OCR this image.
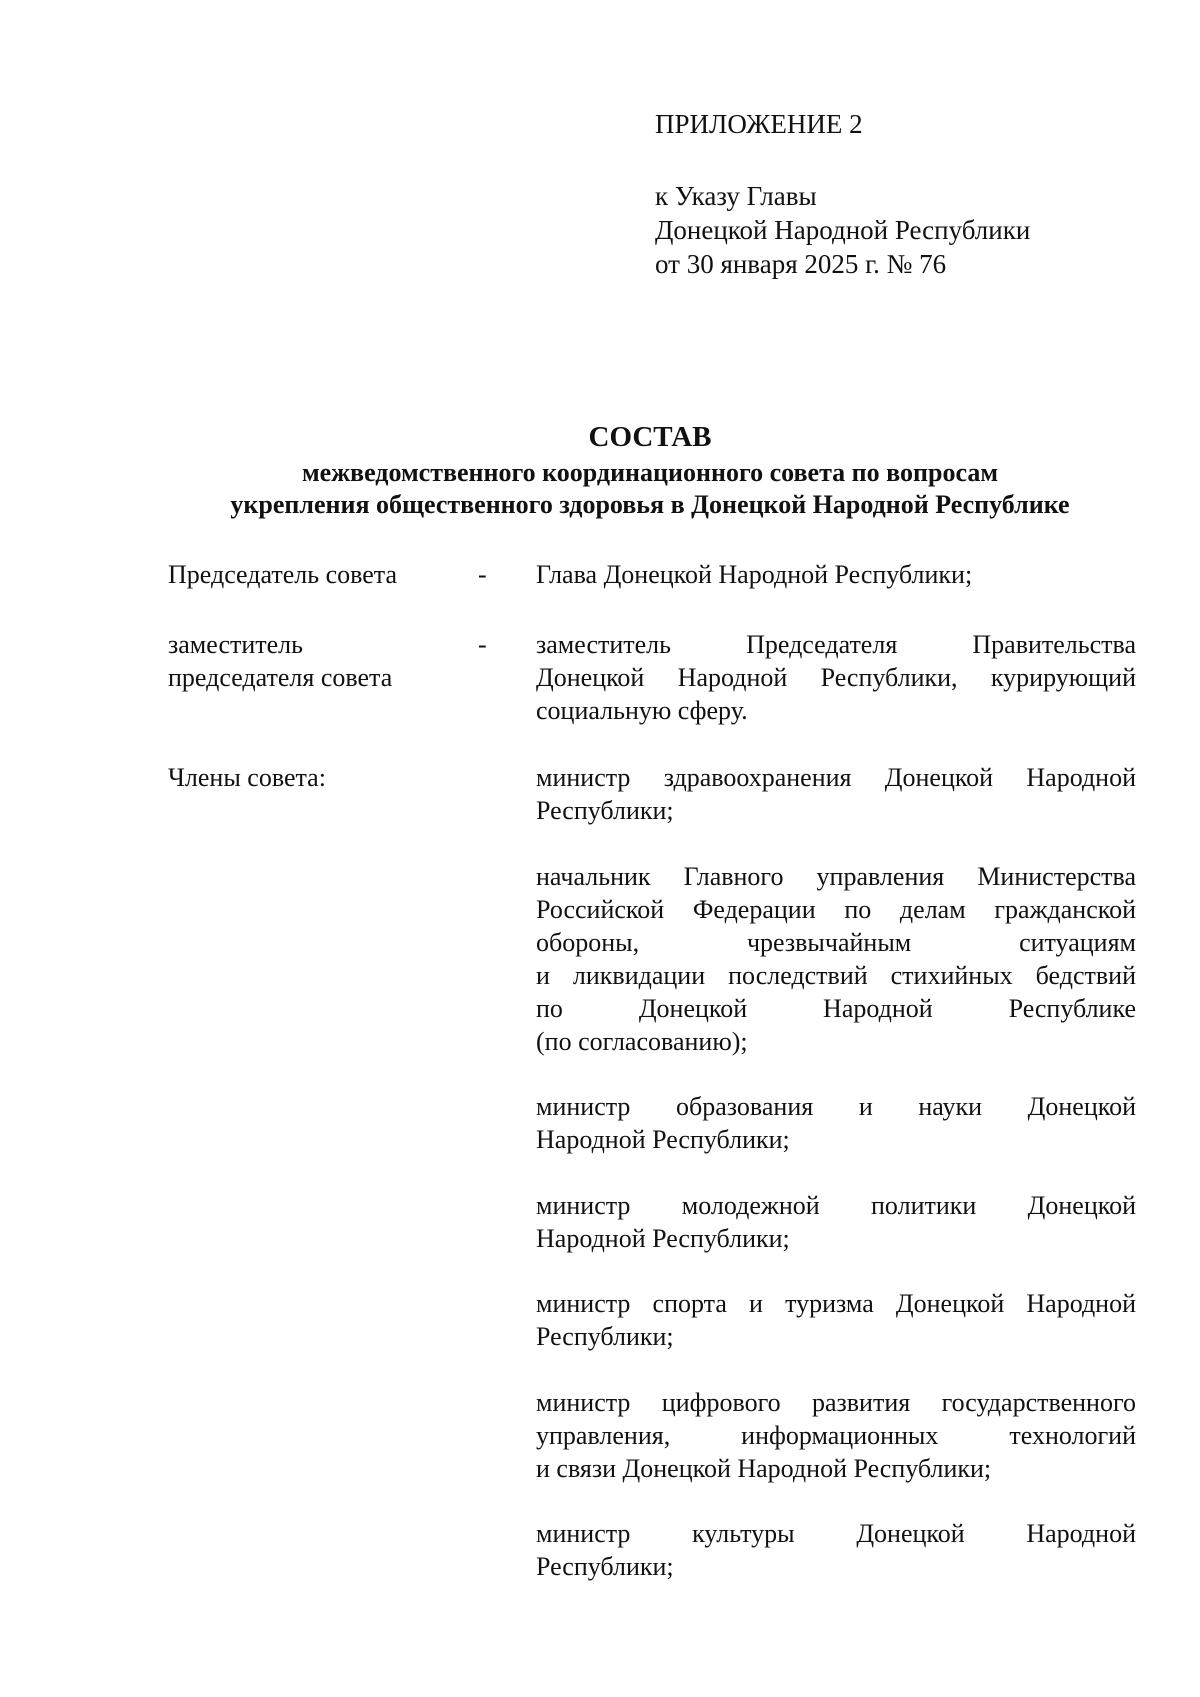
ПРИЛОЖЕНИЕ 2
к Указу Главы
Донецкой Народной Республики
от 30 января 2025 г. № 76
СОСТАВ
межведомственного координационного совета по вопросам
укрепления общественного здоровья в Донецкой Народной Республике
Председатель совета	- Глава Донецкой Народной Республики;
заместитель
председателя совета
- заместитель Председателя Правительства
Донецкой Народной Республики, курирующий
социальную сферу.
Члены совета:	министр здравоохранения Донецкой Народной
Республики;
начальник Главного управления Министерства
Российской Федерации по делам гражданской
обороны, чрезвычайным ситуациям
и ликвидации последствий стихийных бедствий
по Донецкой Народной Республике
(по согласованию);
министр образования и науки Донецкой
Народной Республики;
министр молодежной политики Донецкой
Народной Республики;
министр спорта и туризма Донецкой Народной
Республики;
министр цифрового развития государственного
управления, информационных технологий
и связи Донецкой Народной Республики;
министр культуры Донецкой Народной
Республики;
